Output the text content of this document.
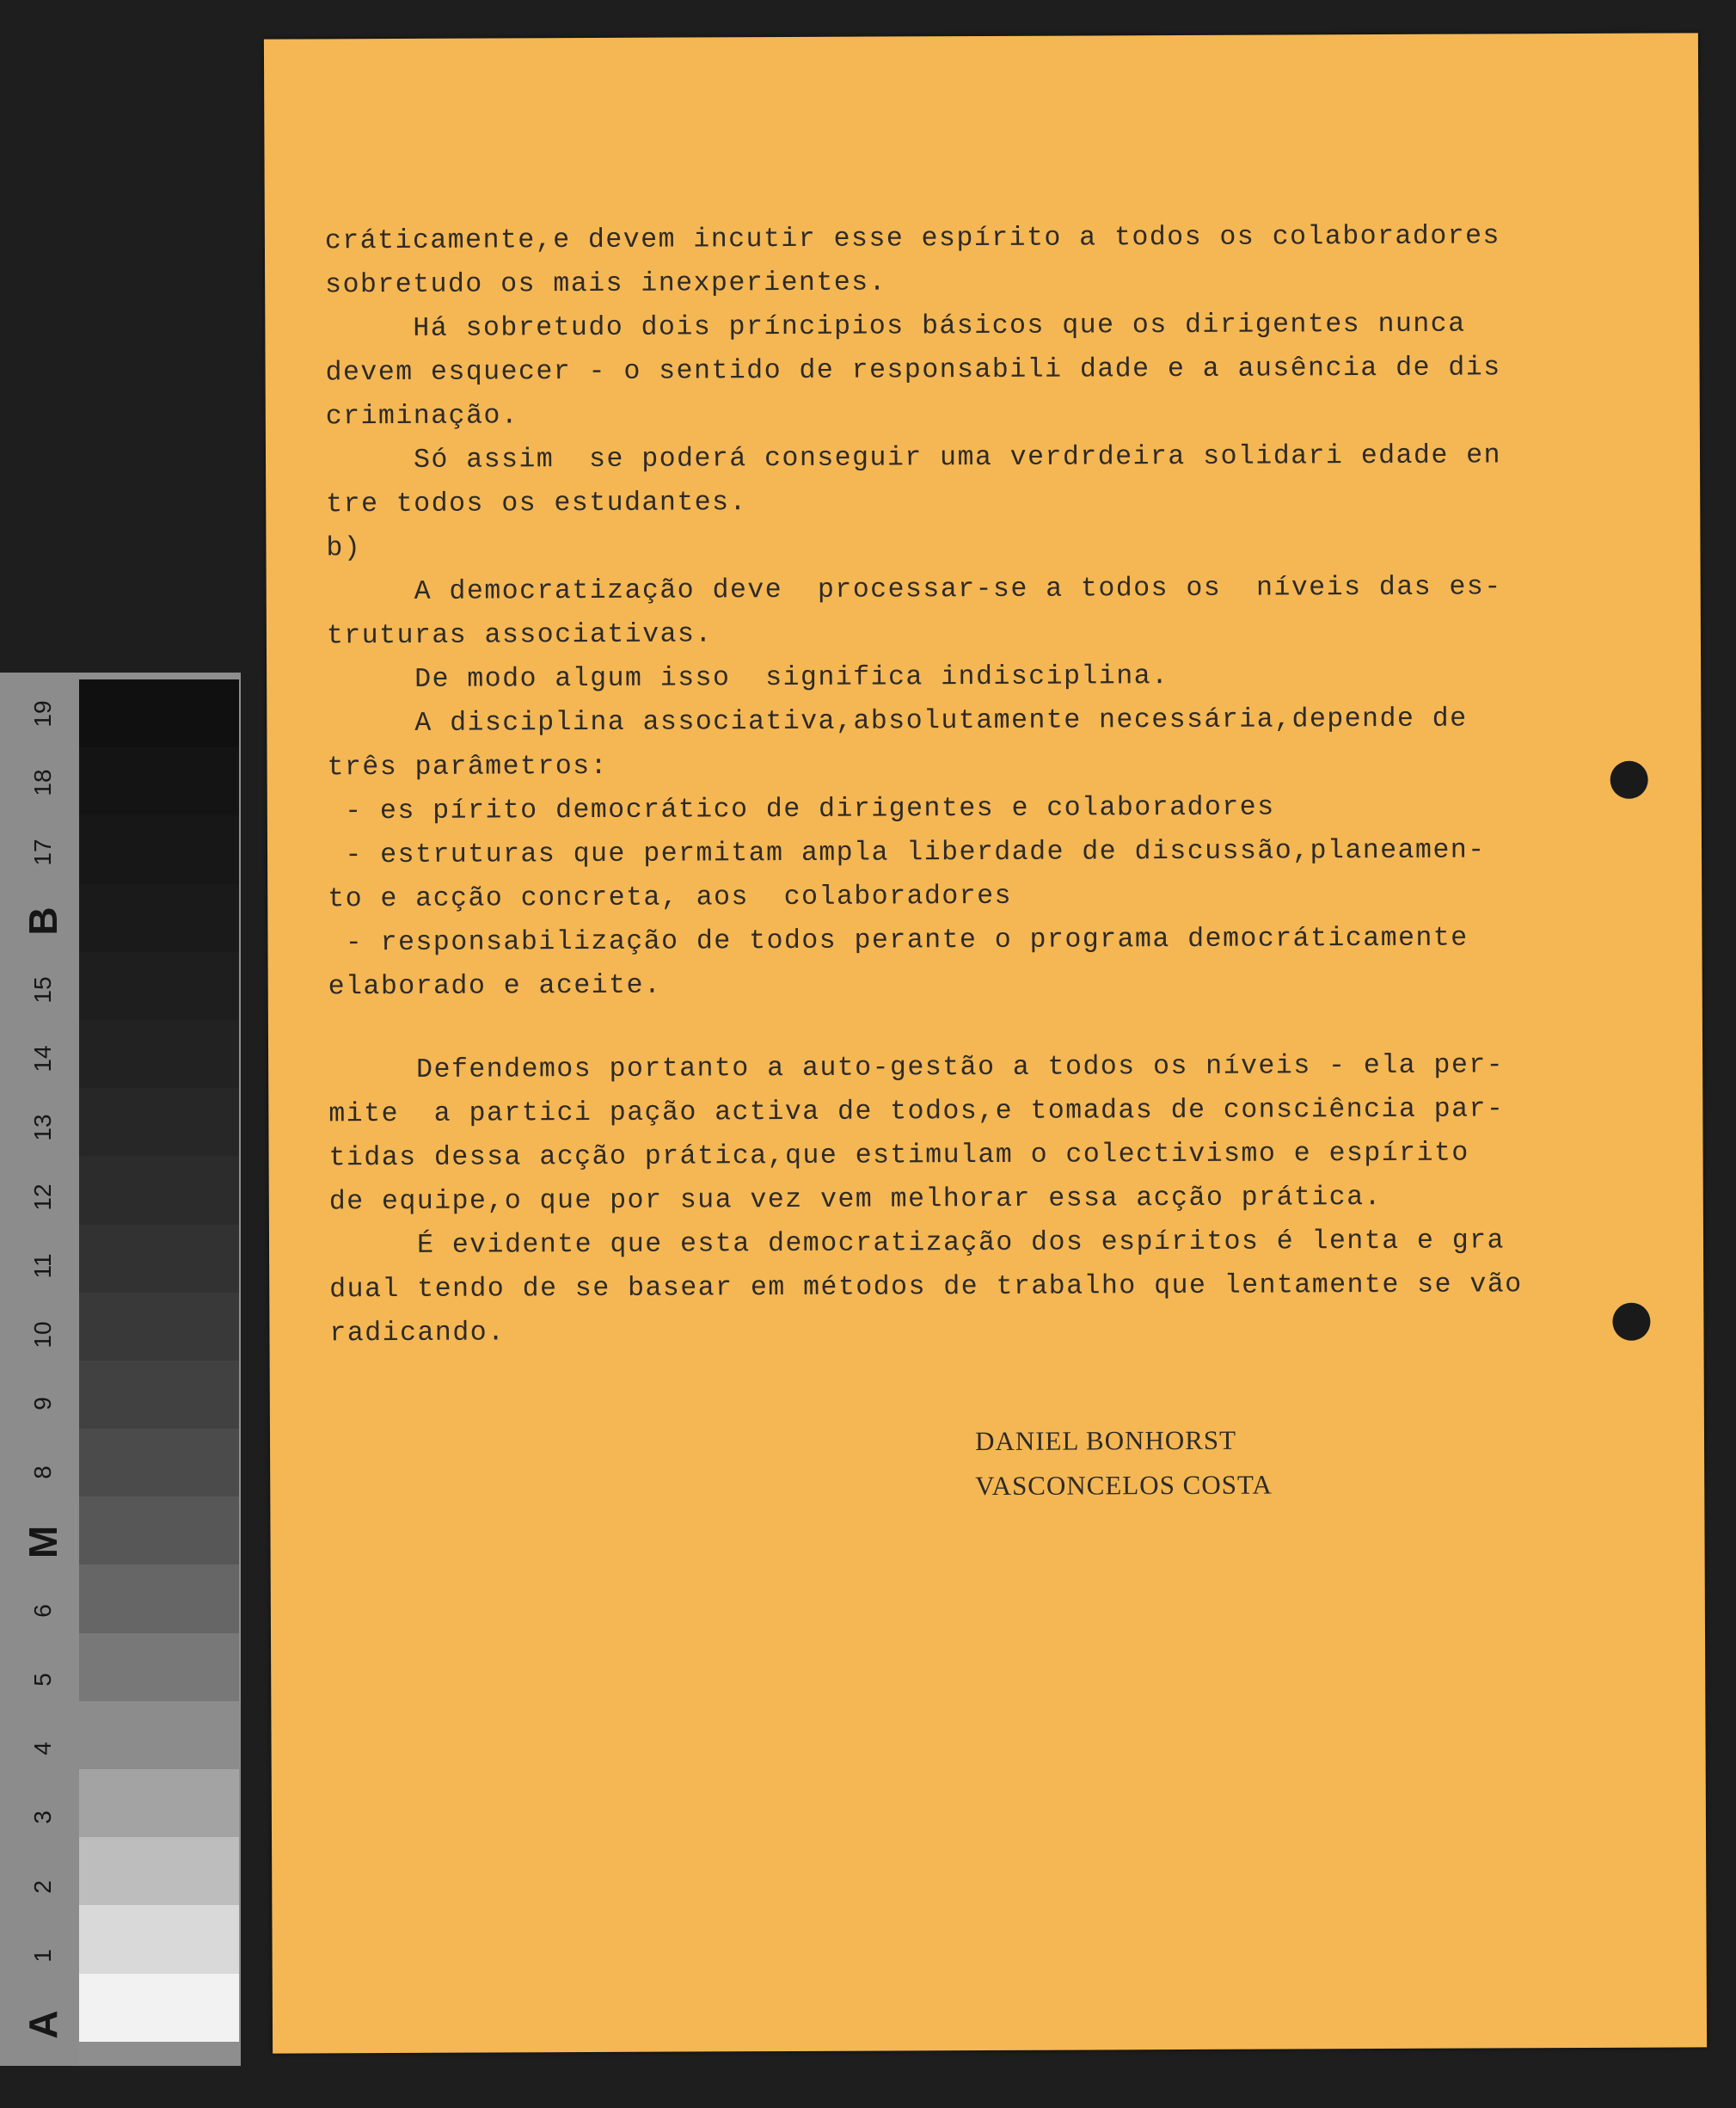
19
18
17
B
15
14
13
12
11
10
9
8
M
6
5
4
3
2
1
A
cráticamente,e devem incutir esse espírito a todos os colaboradores
sobretudo os mais inexperientes.
Há sobretudo dois príncipios básicos que os dirigentes nunca
devem esquecer - o sentido de responsabili dade e a ausência de dis
criminação.
Só assim  se poderá conseguir uma verdrdeira solidari edade en
tre todos os estudantes.
b)
A democratização deve  processar-se a todos os  níveis das es-
truturas associativas.
De modo algum isso  significa indisciplina.
A disciplina associativa,absolutamente necessária,depende de
três parâmetros:
- es pírito democrático de dirigentes e colaboradores
- estruturas que permitam ampla liberdade de discussão,planeamen-
to e acção concreta, aos  colaboradores
- responsabilização de todos perante o programa democráticamente
elaborado e aceite.
Defendemos portanto a auto-gestão a todos os níveis - ela per-
mite  a partici pação activa de todos,e tomadas de consciência par-
tidas dessa acção prática,que estimulam o colectivismo e espírito
de equipe,o que por sua vez vem melhorar essa acção prática.
É evidente que esta democratização dos espíritos é lenta e gra
dual tendo de se basear em métodos de trabalho que lentamente se vão
radicando.
DANIEL BONHORST
VASCONCELOS COSTA
